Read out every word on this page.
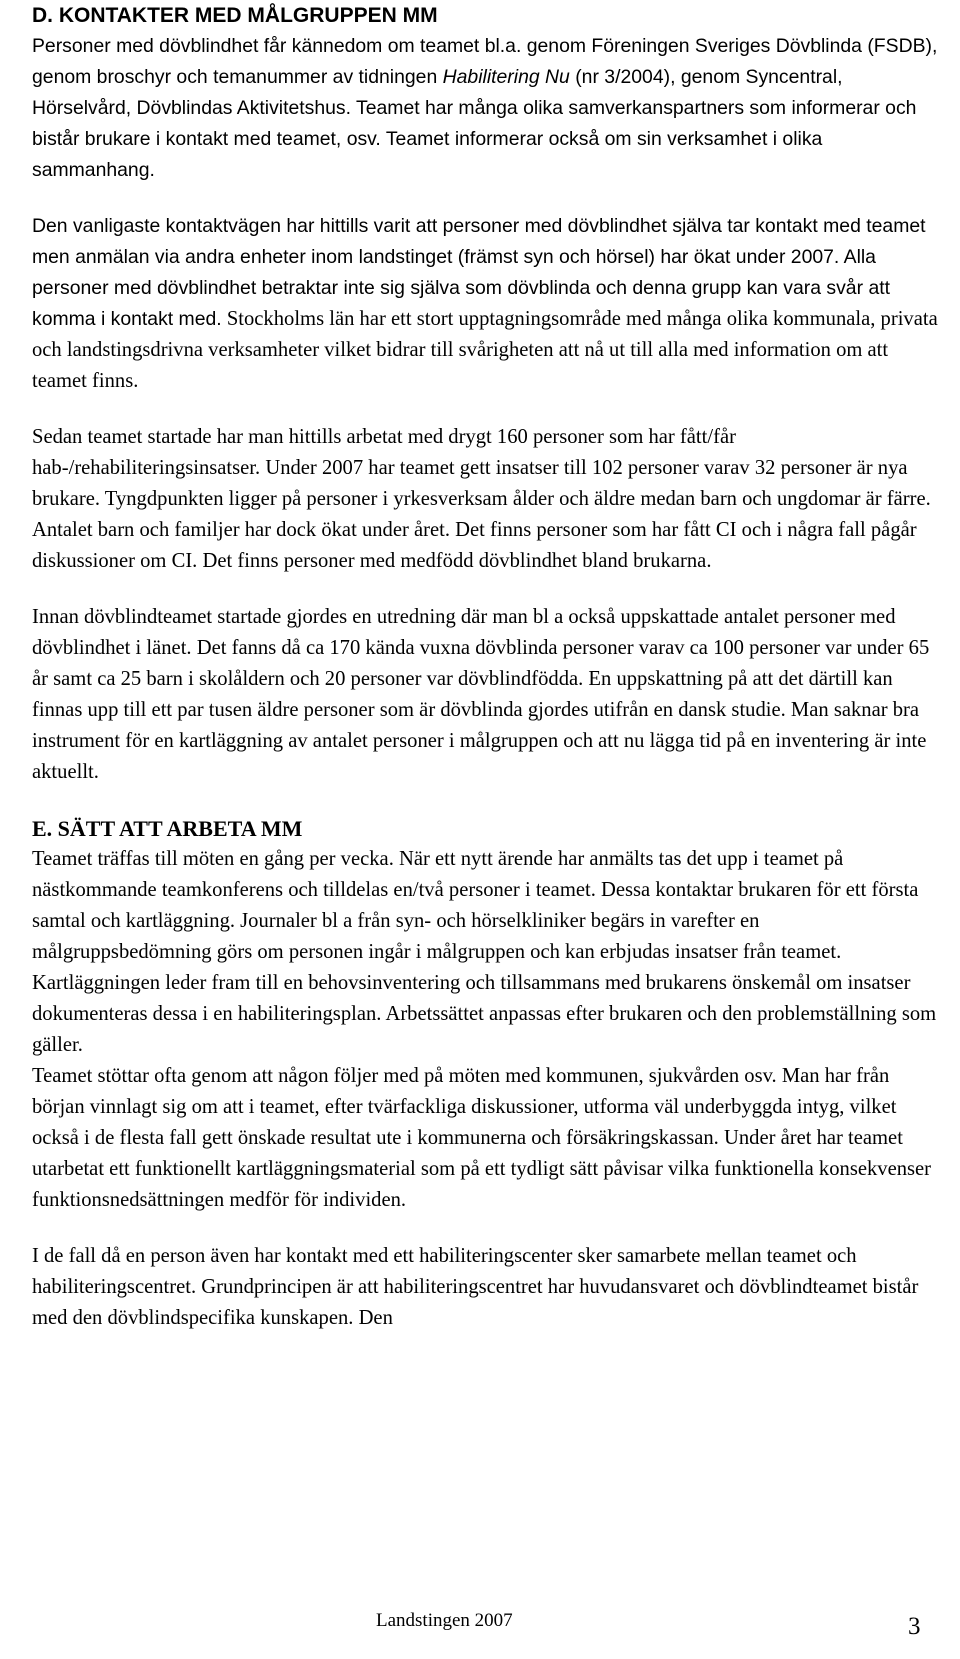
D. KONTAKTER MED MÅLGRUPPEN MM

Personer med dövblindhet får kännedom om teamet bl.a. genom Föreningen Sveriges Dövblinda (FSDB), genom broschyr och temanummer av tidningen Habilitering Nu (nr 3/2004), genom Syncentral, Hörselvård, Dövblindas Aktivitetshus. Teamet har många olika samverkanspartners som informerar och bistår brukare i kontakt med teamet, osv. Teamet informerar också om sin verksamhet i olika sammanhang.

Den vanligaste kontaktvägen har hittills varit att personer med dövblindhet själva tar kontakt med teamet men anmälan via andra enheter inom landstinget (främst syn och hörsel) har ökat under 2007. Alla personer med dövblindhet betraktar inte sig själva som dövblinda och denna grupp kan vara svår att komma i kontakt med. Stockholms län har ett stort upptagningsområde med många olika kommunala, privata och landstingsdrivna verksamheter vilket bidrar till svårigheten att nå ut till alla med information om att teamet finns.

Sedan teamet startade har man hittills arbetat med drygt 160 personer som har fått/får hab-/rehabiliteringsinsatser. Under 2007 har teamet gett insatser till 102 personer varav 32 personer är nya brukare. Tyngdpunkten ligger på personer i yrkesverksam ålder och äldre medan barn och ungdomar är färre. Antalet barn och familjer har dock ökat under året. Det finns personer som har fått CI och i några fall pågår diskussioner om CI. Det finns personer med medfödd dövblindhet bland brukarna.

Innan dövblindteamet startade gjordes en utredning där man bl a också uppskattade antalet personer med dövblindhet i länet. Det fanns då ca 170 kända vuxna dövblinda personer varav ca 100 personer var under 65 år samt ca 25 barn i skolåldern och 20 personer var dövblindfödda. En uppskattning på att det därtill kan finnas upp till ett par tusen äldre personer som är dövblinda gjordes utifrån en dansk studie. Man saknar bra instrument för en kartläggning av antalet personer i målgruppen och att nu lägga tid på en inventering är inte aktuellt.

E. SÄTT ATT ARBETA MM

Teamet träffas till möten en gång per vecka. När ett nytt ärende har anmälts tas det upp i teamet på nästkommande teamkonferens och tilldelas en/två personer i teamet. Dessa kontaktar brukaren för ett första samtal och kartläggning. Journaler bl a från syn- och hörselkliniker begärs in varefter en målgruppsbedömning görs om personen ingår i målgruppen och kan erbjudas insatser från teamet. Kartläggningen leder fram till en behovsinventering och tillsammans med brukarens önskemål om insatser dokumenteras dessa i en habiliteringsplan. Arbetssättet anpassas efter brukaren och den problemställning som gäller.

Teamet stöttar ofta genom att någon följer med på möten med kommunen, sjukvården osv. Man har från början vinnlagt sig om att i teamet, efter tvärfackliga diskussioner, utforma väl underbyggda intyg, vilket också i de flesta fall gett önskade resultat ute i kommunerna och försäkringskassan. Under året har teamet utarbetat ett funktionellt kartläggningsmaterial som på ett tydligt sätt påvisar vilka funktionella konsekvenser funktionsnedsättningen medför för individen.

I de fall då en person även har kontakt med ett habiliteringscenter sker samarbete mellan teamet och habiliteringscentret. Grundprincipen är att habiliteringscentret har huvudansvaret och dövblindteamet bistår med den dövblindspecifika kunskapen. Den

Landstingen 2007	3
